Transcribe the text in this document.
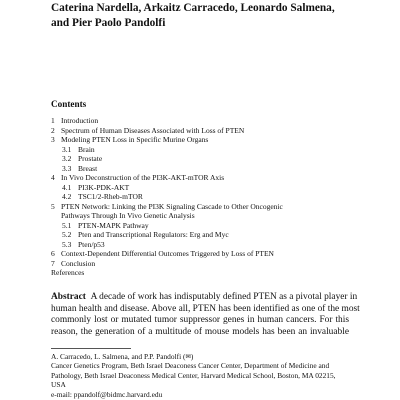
Caterina Nardella, Arkaitz Carracedo, Leonardo Salmena,
and Pier Paolo Pandolfi
Contents
1 Introduction
2 Spectrum of Human Diseases Associated with Loss of PTEN
3 Modeling PTEN Loss in Specific Murine Organs
3.1 Brain
3.2 Prostate
3.3 Breast
4 In Vivo Deconstruction of the PI3K-AKT-mTOR Axis
4.1 PI3K-PDK-AKT
4.2 TSC1/2-Rheb-mTOR
5 PTEN Network: Linking the PI3K Signaling Cascade to Other Oncogenic
Pathways Through In Vivo Genetic Analysis
5.1 PTEN-MAPK Pathway
5.2 Pten and Transcriptional Regulators: Erg and Myc
5.3 Pten/p53
6 Context-Dependent Differential Outcomes Triggered by Loss of PTEN
7 Conclusion
References
Abstract A decade of work has indisputably defined PTEN as a pivotal player in
human health and disease. Above all, PTEN has been identified as one of the most
commonly lost or mutated tumor suppressor genes in human cancers. For this
reason, the generation of a multitude of mouse models has been an invaluable
A. Carracedo, L. Salmena, and P.P. Pandolfi (✉)
Cancer Genetics Program, Beth Israel Deaconess Cancer Center, Department of Medicine and
Pathology, Beth Israel Deaconess Medical Center, Harvard Medical School, Boston, MA 02215,
USA
e-mail: ppandolf@bidmc.harvard.edu
